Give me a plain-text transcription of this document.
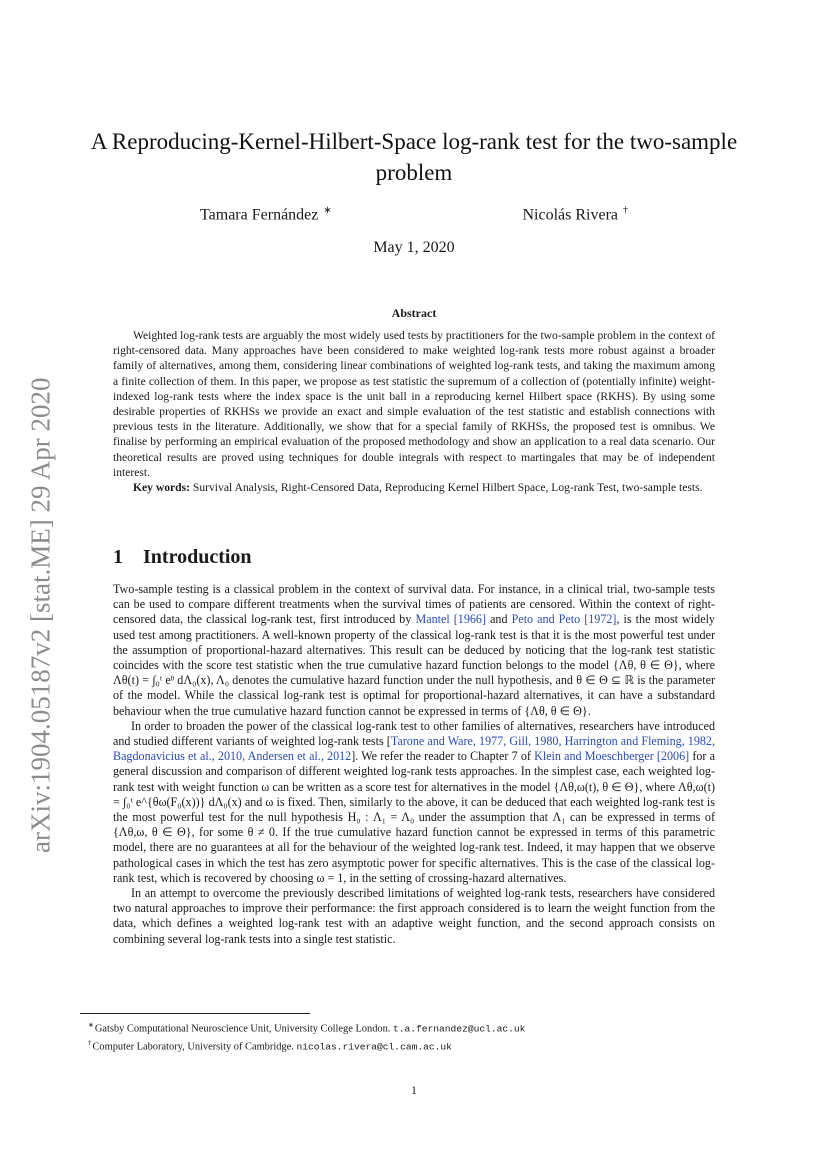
arXiv:1904.05187v2 [stat.ME] 29 Apr 2020
A Reproducing-Kernel-Hilbert-Space log-rank test for the two-sample problem
Tamara Fernández ∗	Nicolás Rivera †
May 1, 2020
Abstract

Weighted log-rank tests are arguably the most widely used tests by practitioners for the two-sample problem in the context of right-censored data. Many approaches have been considered to make weighted log-rank tests more robust against a broader family of alternatives, among them, considering linear combinations of weighted log-rank tests, and taking the maximum among a finite collection of them. In this paper, we propose as test statistic the supremum of a collection of (potentially infinite) weight-indexed log-rank tests where the index space is the unit ball in a reproducing kernel Hilbert space (RKHS). By using some desirable properties of RKHSs we provide an exact and simple evaluation of the test statistic and establish connections with previous tests in the literature. Additionally, we show that for a special family of RKHSs, the proposed test is omnibus. We finalise by performing an empirical evaluation of the proposed methodology and show an application to a real data scenario. Our theoretical results are proved using techniques for double integrals with respect to martingales that may be of independent interest.

Key words: Survival Analysis, Right-Censored Data, Reproducing Kernel Hilbert Space, Log-rank Test, two-sample tests.

1 Introduction

Two-sample testing is a classical problem in the context of survival data. For instance, in a clinical trial, two-sample tests can be used to compare different treatments when the survival times of patients are censored. Within the context of right-censored data, the classical log-rank test, first introduced by Mantel [1966] and Peto and Peto [1972], is the most widely used test among practitioners. A well-known property of the classical log-rank test is that it is the most powerful test under the assumption of proportional-hazard alternatives. This result can be deduced by noticing that the log-rank test statistic coincides with the score test statistic when the true cumulative hazard function belongs to the model {Λθ, θ ∈ Θ}, where Λθ(t) = ∫₀ᵗ eᶿ dΛ₀(x), Λ₀ denotes the cumulative hazard function under the null hypothesis, and θ ∈ Θ ⊆ ℝ is the parameter of the model. While the classical log-rank test is optimal for proportional-hazard alternatives, it can have a substandard behaviour when the true cumulative hazard function cannot be expressed in terms of {Λθ, θ ∈ Θ}.

In order to broaden the power of the classical log-rank test to other families of alternatives, researchers have introduced and studied different variants of weighted log-rank tests [Tarone and Ware, 1977, Gill, 1980, Harrington and Fleming, 1982, Bagdonavicius et al., 2010, Andersen et al., 2012]. We refer the reader to Chapter 7 of Klein and Moeschberger [2006] for a general discussion and comparison of different weighted log-rank tests approaches. In the simplest case, each weighted log-rank test with weight function ω can be written as a score test for alternatives in the model {Λθ,ω(t), θ ∈ Θ}, where Λθ,ω(t) = ∫₀ᵗ e^{θω(F₀(x))} dΛ₀(x) and ω is fixed. Then, similarly to the above, it can be deduced that each weighted log-rank test is the most powerful test for the null hypothesis H₀ : Λ₁ = Λ₀ under the assumption that Λ₁ can be expressed in terms of {Λθ,ω, θ ∈ Θ}, for some θ ≠ 0. If the true cumulative hazard function cannot be expressed in terms of this parametric model, there are no guarantees at all for the behaviour of the weighted log-rank test. Indeed, it may happen that we observe pathological cases in which the test has zero asymptotic power for specific alternatives. This is the case of the classical log-rank test, which is recovered by choosing ω = 1, in the setting of crossing-hazard alternatives.

In an attempt to overcome the previously described limitations of weighted log-rank tests, researchers have considered two natural approaches to improve their performance: the first approach considered is to learn the weight function from the data, which defines a weighted log-rank test with an adaptive weight function, and the second approach consists on combining several log-rank tests into a single test statistic.

∗Gatsby Computational Neuroscience Unit, University College London. t.a.fernandez@ucl.ac.uk
†Computer Laboratory, University of Cambridge. nicolas.rivera@cl.cam.ac.uk
1
